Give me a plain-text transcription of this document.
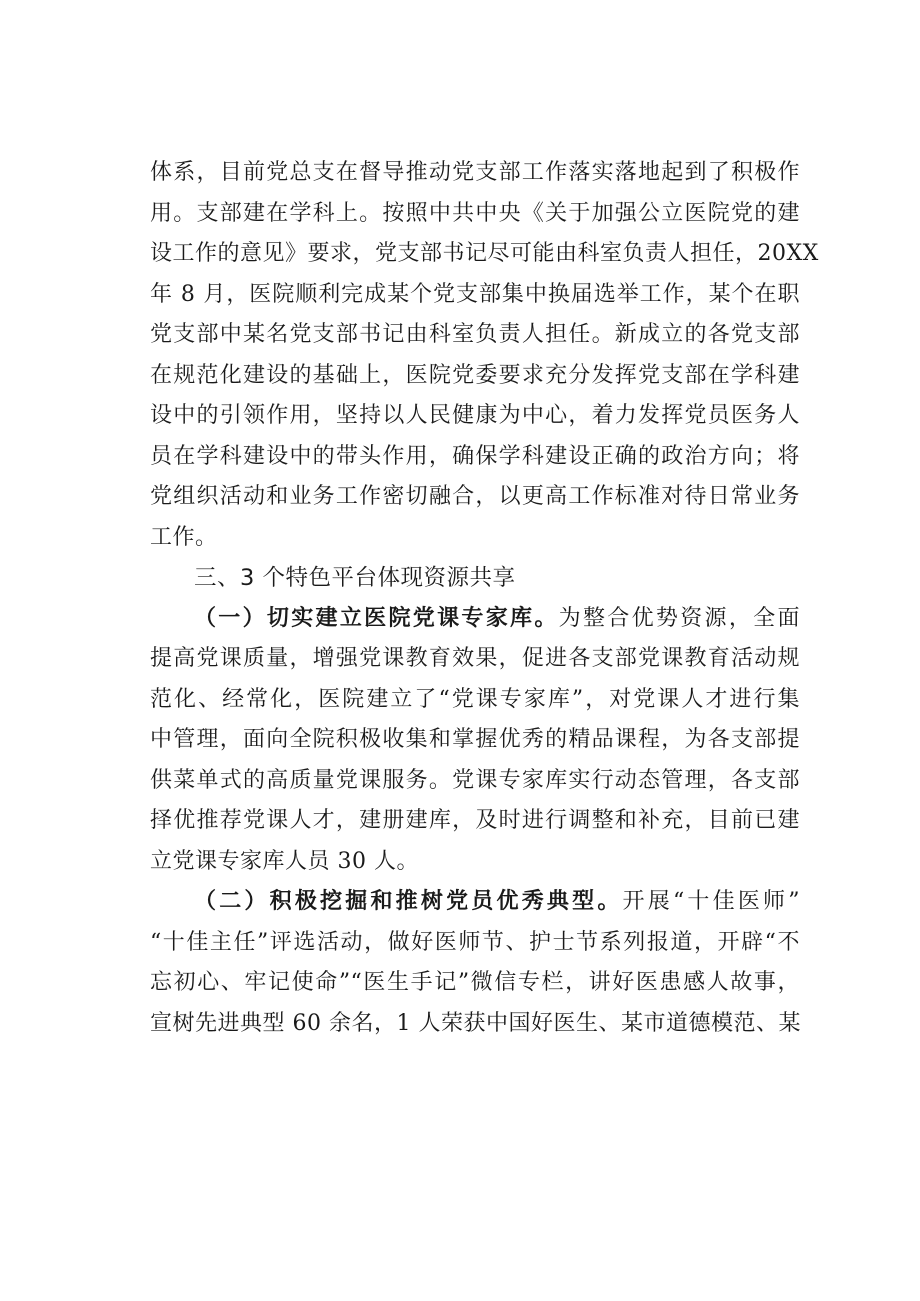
体系，目前党总支在督导推动党支部工作落实落地起到了积极作
用。支部建在学科上。按照中共中央《关于加强公立医院党的建
设工作的意见》要求，党支部书记尽可能由科室负责人担任，20XX
年 8 月，医院顺利完成某个党支部集中换届选举工作，某个在职
党支部中某名党支部书记由科室负责人担任。新成立的各党支部
在规范化建设的基础上，医院党委要求充分发挥党支部在学科建
设中的引领作用，坚持以人民健康为中心，着力发挥党员医务人
员在学科建设中的带头作用，确保学科建设正确的政治方向；将
党组织活动和业务工作密切融合，以更高工作标准对待日常业务
工作。
三、3 个特色平台体现资源共享
（一）切实建立医院党课专家库。为整合优势资源，全面
提高党课质量，增强党课教育效果，促进各支部党课教育活动规
范化、经常化，医院建立了“党课专家库”，对党课人才进行集
中管理，面向全院积极收集和掌握优秀的精品课程，为各支部提
供菜单式的高质量党课服务。党课专家库实行动态管理，各支部
择优推荐党课人才，建册建库，及时进行调整和补充，目前已建
立党课专家库人员 30 人。
（二）积极挖掘和推树党员优秀典型。开展“十佳医师”
“十佳主任”评选活动，做好医师节、护士节系列报道，开辟“不
忘初心、牢记使命”“医生手记”微信专栏，讲好医患感人故事，
宣树先进典型 60 余名，1 人荣获中国好医生、某市道德模范、某
